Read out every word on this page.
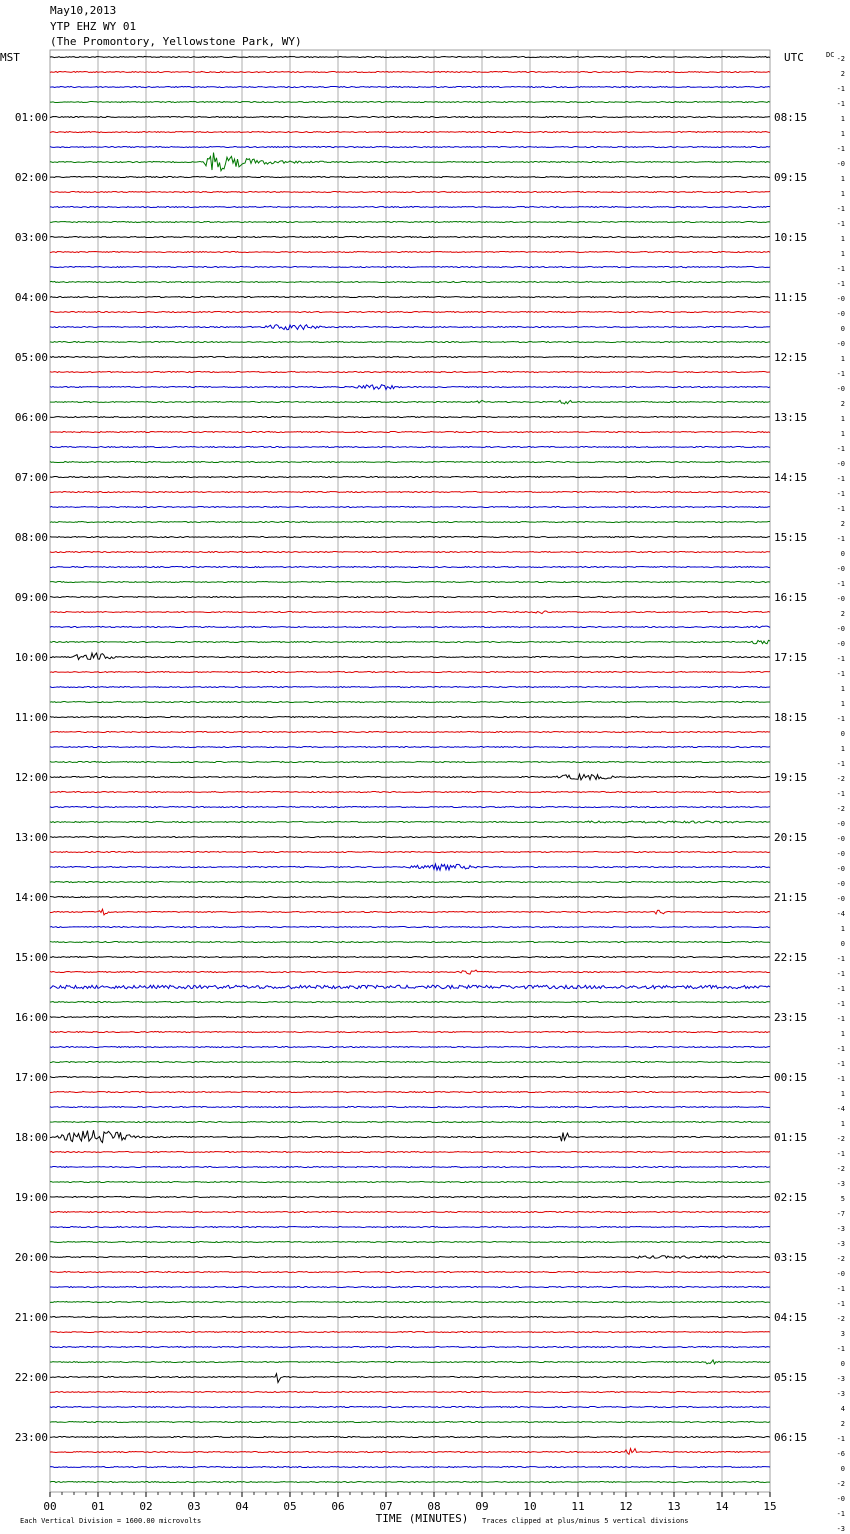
May10,2013
YTP EHZ WY 01
(The Promontory, Yellowstone Park, WY)
MST	UTC	DC
01:00
02:00
03:00
04:00
05:00
06:00
07:00
08:00
09:00
10:00
11:00
12:00
13:00
14:00
15:00
16:00
17:00
18:00
19:00
20:00
21:00
22:00
23:00
08:15
09:15
10:15
11:15
12:15
13:15
14:15
15:15
16:15
17:15
18:15
19:15
20:15
21:15
22:15
23:15
00:15
01:15
02:15
03:15
04:15
05:15
06:15
-2
2
-1
-1
1
1
-1
-0
1
1
-1
-1
1
1
-1
-1
-0
-0
0
-0
1
-1
-0
2
1
1
-1
-0
-1
-1
-1
2
-1
0
-0
-1
-0
2
-0
-0
-1
-1
1
1
-1
0
1
-1
-2
-1
-2
-0
-0
-0
-0
-0
-0
-4
1
0
-1
-1
-1
-1
-1
1
-1
-1
-1
1
-4
1
-2
-1
-2
-3
5
-7
-3
-3
-2
-0
-1
-1
-2
3
-1
0
-3
-3
4
2
-1
-6
0
-2
-0
-1
-3
00	01	02	03	04	05	06	07	08	09	10	11	12	13	14	15
TIME (MINUTES)
Each Vertical Division = 1600.00 microvolts	Traces clipped at plus/minus 5 vertical divisions
